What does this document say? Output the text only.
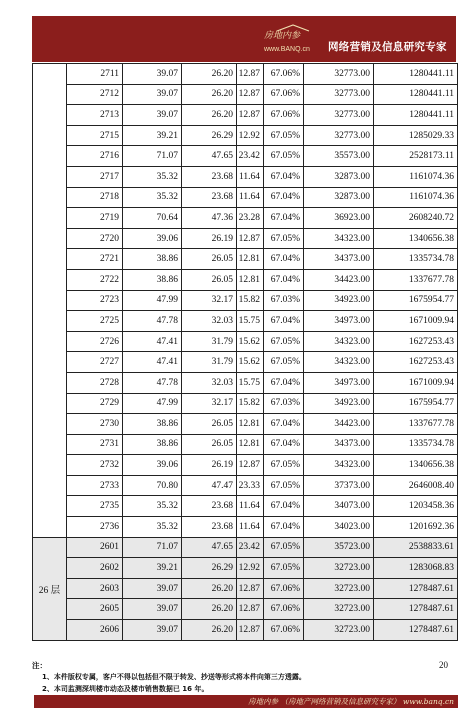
房地内参
www.BANQ.cn 网络营销及信息研究专家
	2711	39.07	26.20	12.87	67.06%	32773.00	1280441.11
	2712	39.07	26.20	12.87	67.06%	32773.00	1280441.11
	2713	39.07	26.20	12.87	67.06%	32773.00	1280441.11
	2715	39.21	26.29	12.92	67.05%	32773.00	1285029.33
	2716	71.07	47.65	23.42	67.05%	35573.00	2528173.11
	2717	35.32	23.68	11.64	67.04%	32873.00	1161074.36
	2718	35.32	23.68	11.64	67.04%	32873.00	1161074.36
	2719	70.64	47.36	23.28	67.04%	36923.00	2608240.72
	2720	39.06	26.19	12.87	67.05%	34323.00	1340656.38
	2721	38.86	26.05	12.81	67.04%	34373.00	1335734.78
	2722	38.86	26.05	12.81	67.04%	34423.00	1337677.78
	2723	47.99	32.17	15.82	67.03%	34923.00	1675954.77
	2725	47.78	32.03	15.75	67.04%	34973.00	1671009.94
	2726	47.41	31.79	15.62	67.05%	34323.00	1627253.43
	2727	47.41	31.79	15.62	67.05%	34323.00	1627253.43
	2728	47.78	32.03	15.75	67.04%	34973.00	1671009.94
	2729	47.99	32.17	15.82	67.03%	34923.00	1675954.77
	2730	38.86	26.05	12.81	67.04%	34423.00	1337677.78
	2731	38.86	26.05	12.81	67.04%	34373.00	1335734.78
	2732	39.06	26.19	12.87	67.05%	34323.00	1340656.38
	2733	70.80	47.47	23.33	67.05%	37373.00	2646008.40
	2735	35.32	23.68	11.64	67.04%	34073.00	1203458.36
	2736	35.32	23.68	11.64	67.04%	34023.00	1201692.36
26 层	2601	71.07	47.65	23.42	67.05%	35723.00	2538833.61
	2602	39.21	26.29	12.92	67.05%	32723.00	1283068.83
	2603	39.07	26.20	12.87	67.06%	32723.00	1278487.61
	2605	39.07	26.20	12.87	67.06%	32723.00	1278487.61
	2606	39.07	26.20	12.87	67.06%	32723.00	1278487.61
注：
1、本件版权专属，客户不得以包括但不限于转发、抄送等形式将本件向第三方透露。
2、本司监测深圳楼市动态及楼市销售数据已 16 年。
20
房地内参 （房地产网络营销及信息研究专家） www.banq.cn
